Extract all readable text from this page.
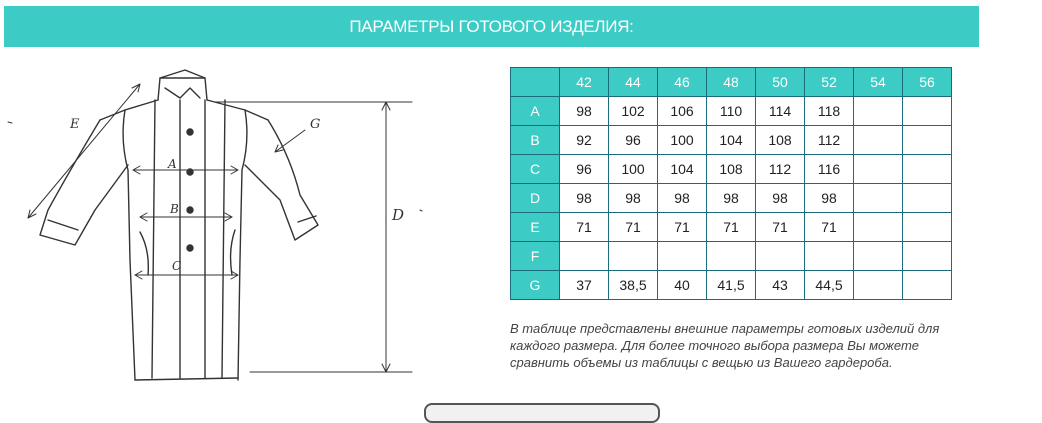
ПАРАМЕТРЫ ГОТОВОГО ИЗДЕЛИЯ:
E
A
B
C
D
G
	42	44	46	48	50	52	54	56
A	98	102	106	110	114	118		
B	92	96	100	104	108	112		
C	96	100	104	108	112	116		
D	98	98	98	98	98	98		
E	71	71	71	71	71	71		
F								
G	37	38,5	40	41,5	43	44,5		
В таблице представлены внешние параметры готовых изделий для каждого размера. Для более точного выбора размера Вы можете сравнить объемы из таблицы с вещью из Вашего гардероба.
